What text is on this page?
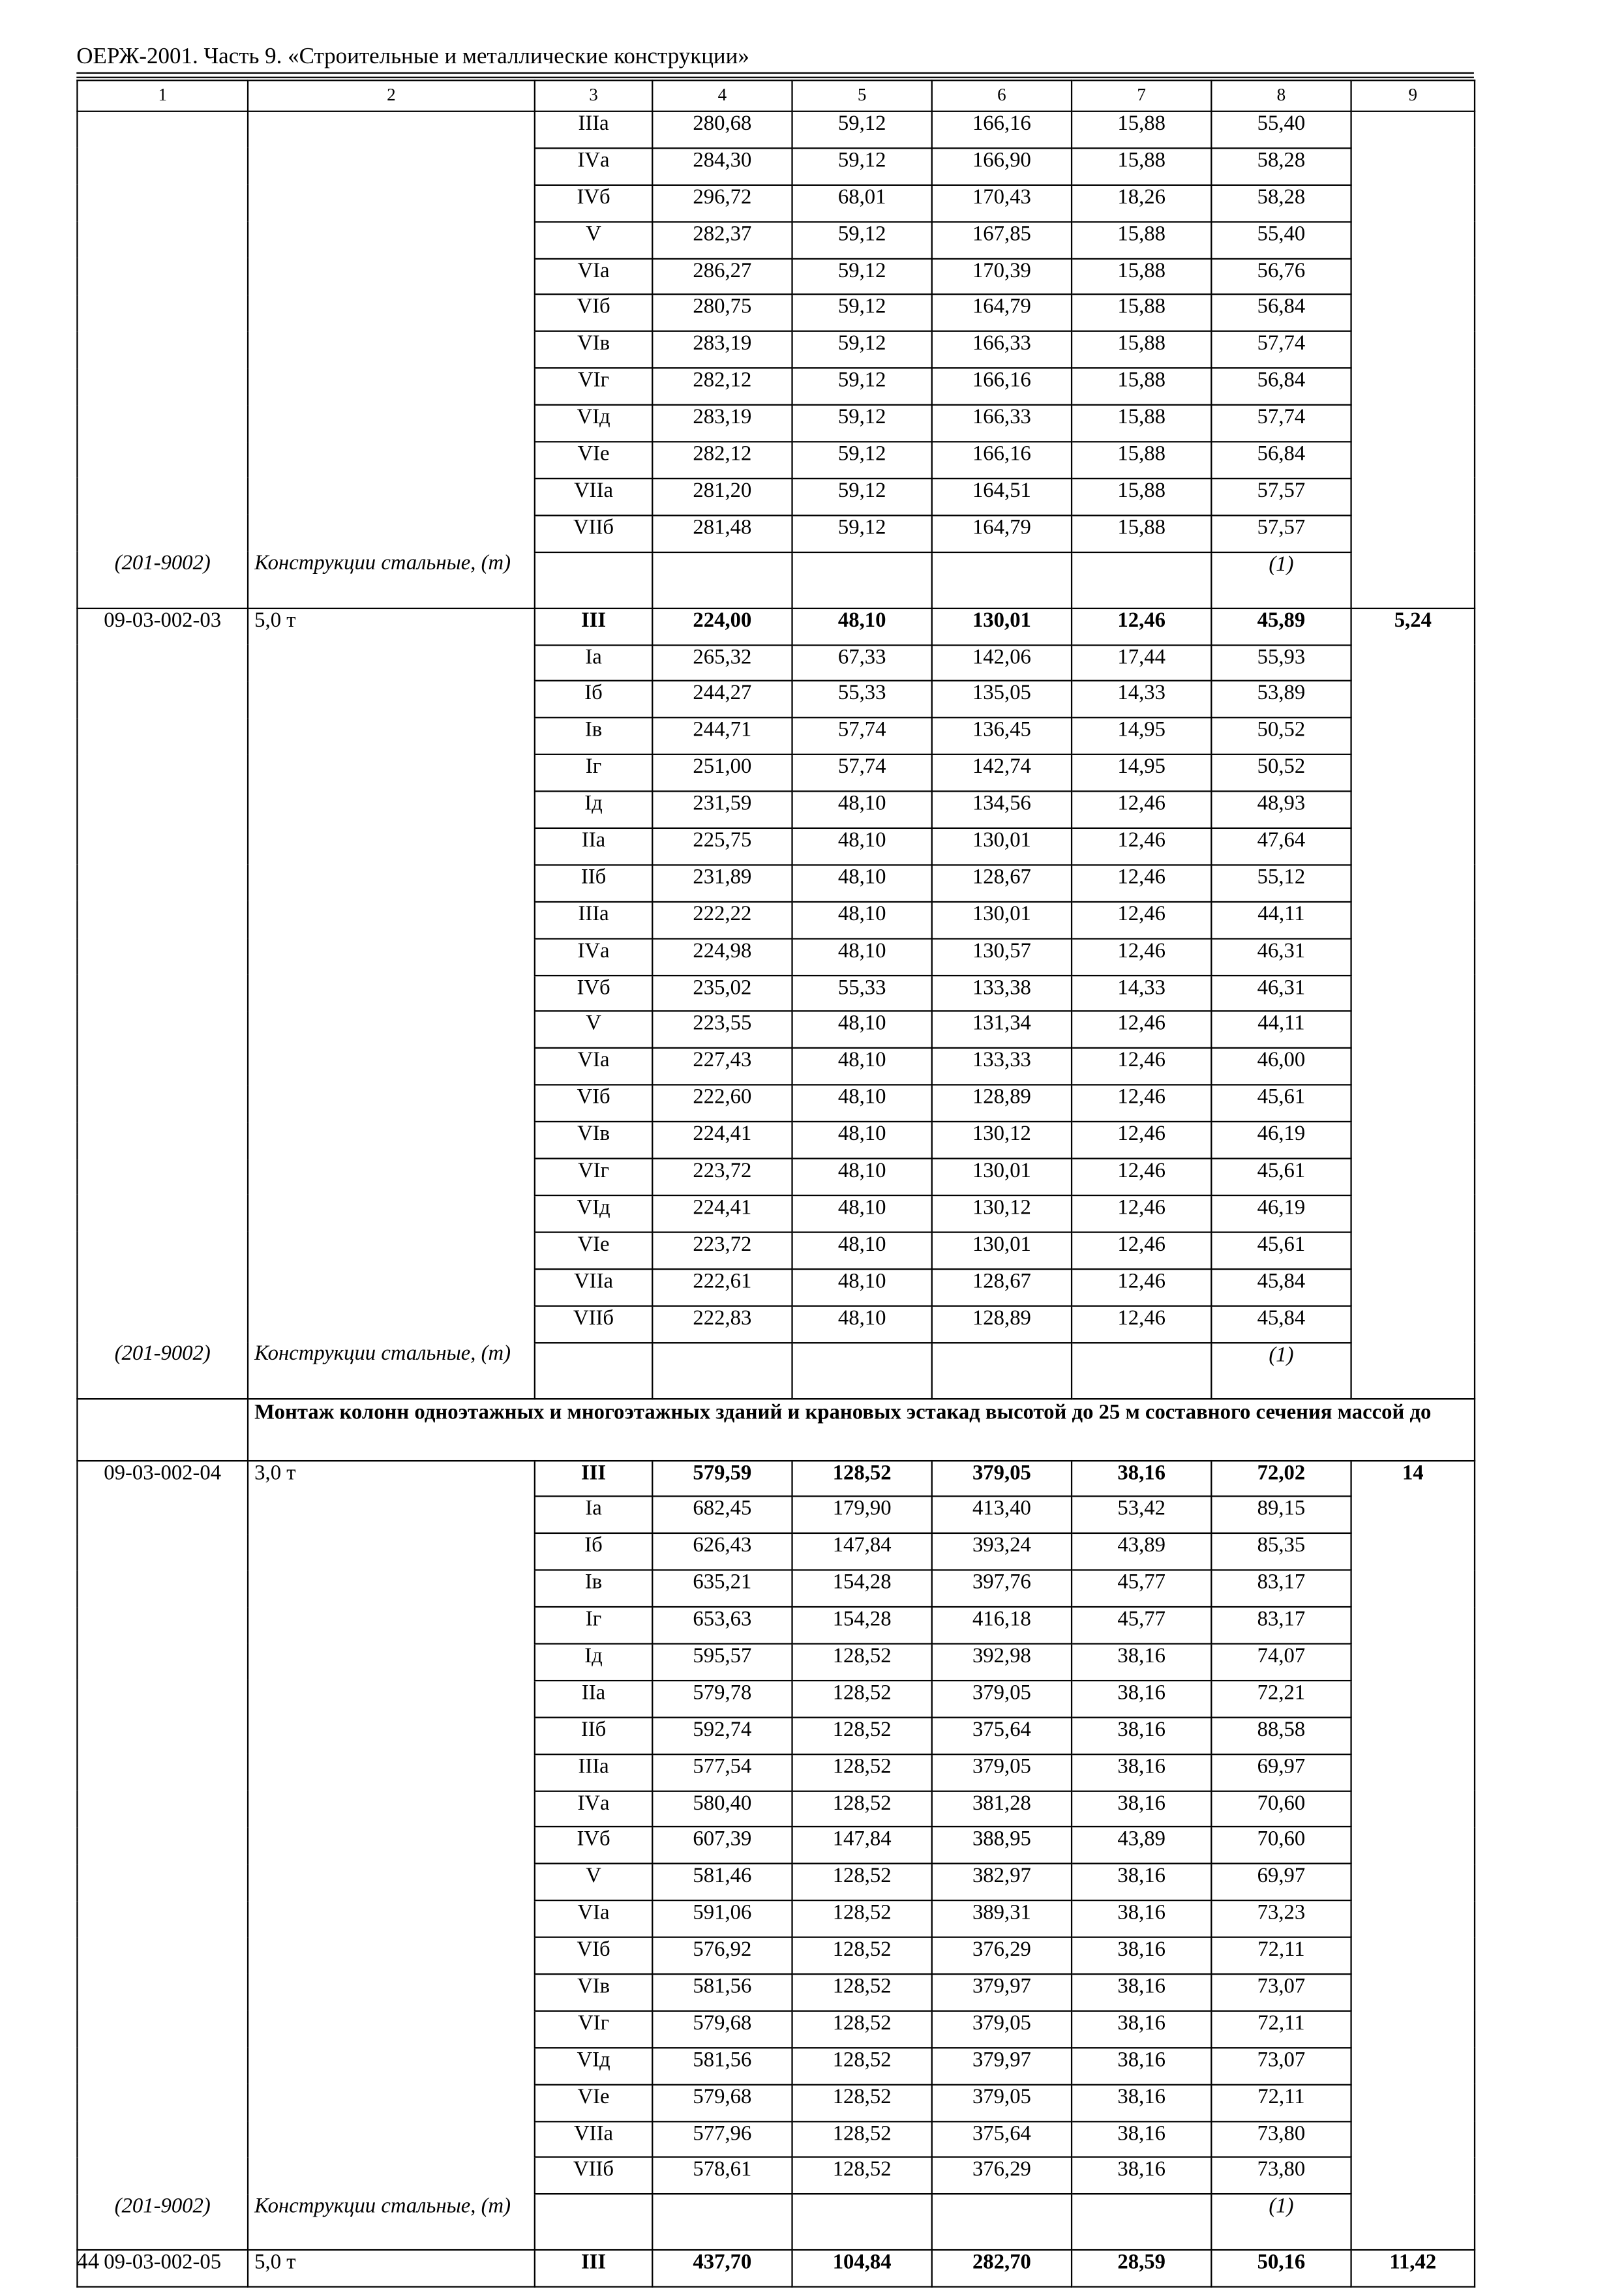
ОЕРЖ-2001. Часть 9. «Строительные и металлические конструкции»
1	2	3	4	5	6	7	8	9
		IIIа	280,68	59,12	166,16	15,88	55,40	
		IVа	284,30	59,12	166,90	15,88	58,28	
		IVб	296,72	68,01	170,43	18,26	58,28	
		V	282,37	59,12	167,85	15,88	55,40	
		VIа	286,27	59,12	170,39	15,88	56,76	
		VIб	280,75	59,12	164,79	15,88	56,84	
		VIв	283,19	59,12	166,33	15,88	57,74	
		VIг	282,12	59,12	166,16	15,88	56,84	
		VIд	283,19	59,12	166,33	15,88	57,74	
		VIе	282,12	59,12	166,16	15,88	56,84	
		VIIа	281,20	59,12	164,51	15,88	57,57	
		VIIб	281,48	59,12	164,79	15,88	57,57	
(201-9002)	Конструкции стальные, (т)						(1)	
09-03-002-03	5,0 т	III	224,00	48,10	130,01	12,46	45,89	5,24
		Iа	265,32	67,33	142,06	17,44	55,93	
		Iб	244,27	55,33	135,05	14,33	53,89	
		Iв	244,71	57,74	136,45	14,95	50,52	
		Iг	251,00	57,74	142,74	14,95	50,52	
		Iд	231,59	48,10	134,56	12,46	48,93	
		IIа	225,75	48,10	130,01	12,46	47,64	
		IIб	231,89	48,10	128,67	12,46	55,12	
		IIIа	222,22	48,10	130,01	12,46	44,11	
		IVа	224,98	48,10	130,57	12,46	46,31	
		IVб	235,02	55,33	133,38	14,33	46,31	
		V	223,55	48,10	131,34	12,46	44,11	
		VIа	227,43	48,10	133,33	12,46	46,00	
		VIб	222,60	48,10	128,89	12,46	45,61	
		VIв	224,41	48,10	130,12	12,46	46,19	
		VIг	223,72	48,10	130,01	12,46	45,61	
		VIд	224,41	48,10	130,12	12,46	46,19	
		VIе	223,72	48,10	130,01	12,46	45,61	
		VIIа	222,61	48,10	128,67	12,46	45,84	
		VIIб	222,83	48,10	128,89	12,46	45,84	
(201-9002)	Конструкции стальные, (т)						(1)	
	Монтаж колонн одноэтажных и многоэтажных зданий и крановых эстакад высотой до 25 м составного сечения массой до							
09-03-002-04	3,0 т	III	579,59	128,52	379,05	38,16	72,02	14
		Iа	682,45	179,90	413,40	53,42	89,15	
		Iб	626,43	147,84	393,24	43,89	85,35	
		Iв	635,21	154,28	397,76	45,77	83,17	
		Iг	653,63	154,28	416,18	45,77	83,17	
		Iд	595,57	128,52	392,98	38,16	74,07	
		IIа	579,78	128,52	379,05	38,16	72,21	
		IIб	592,74	128,52	375,64	38,16	88,58	
		IIIа	577,54	128,52	379,05	38,16	69,97	
		IVа	580,40	128,52	381,28	38,16	70,60	
		IVб	607,39	147,84	388,95	43,89	70,60	
		V	581,46	128,52	382,97	38,16	69,97	
		VIа	591,06	128,52	389,31	38,16	73,23	
		VIб	576,92	128,52	376,29	38,16	72,11	
		VIв	581,56	128,52	379,97	38,16	73,07	
		VIг	579,68	128,52	379,05	38,16	72,11	
		VIд	581,56	128,52	379,97	38,16	73,07	
		VIе	579,68	128,52	379,05	38,16	72,11	
		VIIа	577,96	128,52	375,64	38,16	73,80	
		VIIб	578,61	128,52	376,29	38,16	73,80	
(201-9002)	Конструкции стальные, (т)						(1)	
09-03-002-05	5,0 т	III	437,70	104,84	282,70	28,59	50,16	11,42
44
